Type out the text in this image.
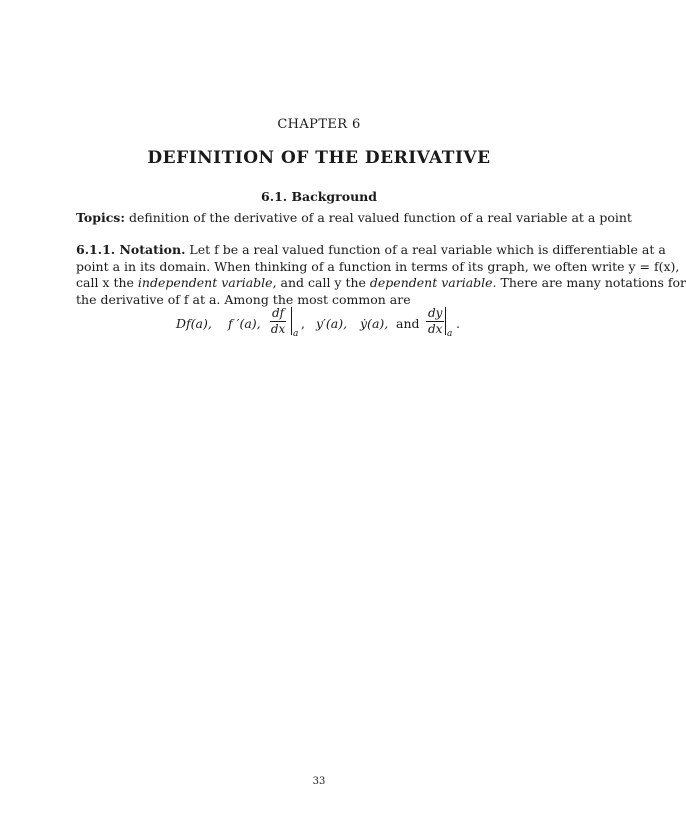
CHAPTER 6
DEFINITION OF THE DERIVATIVE
6.1. Background
Topics: definition of the derivative of a real valued function of a real variable at a point
6.1.1. Notation. Let f be a real valued function of a real variable which is differentiable at a
point a in its domain. When thinking of a function in terms of its graph, we often write y = f(x),
call x the independent variable, and call y the dependent variable. There are many notations for
the derivative of f at a. Among the most common are
Df(a), f ′(a), $\frac{df}{dx}$ a
, y′(a), ẏ(a), and $\frac{dy}{dx}$ a
.
33
